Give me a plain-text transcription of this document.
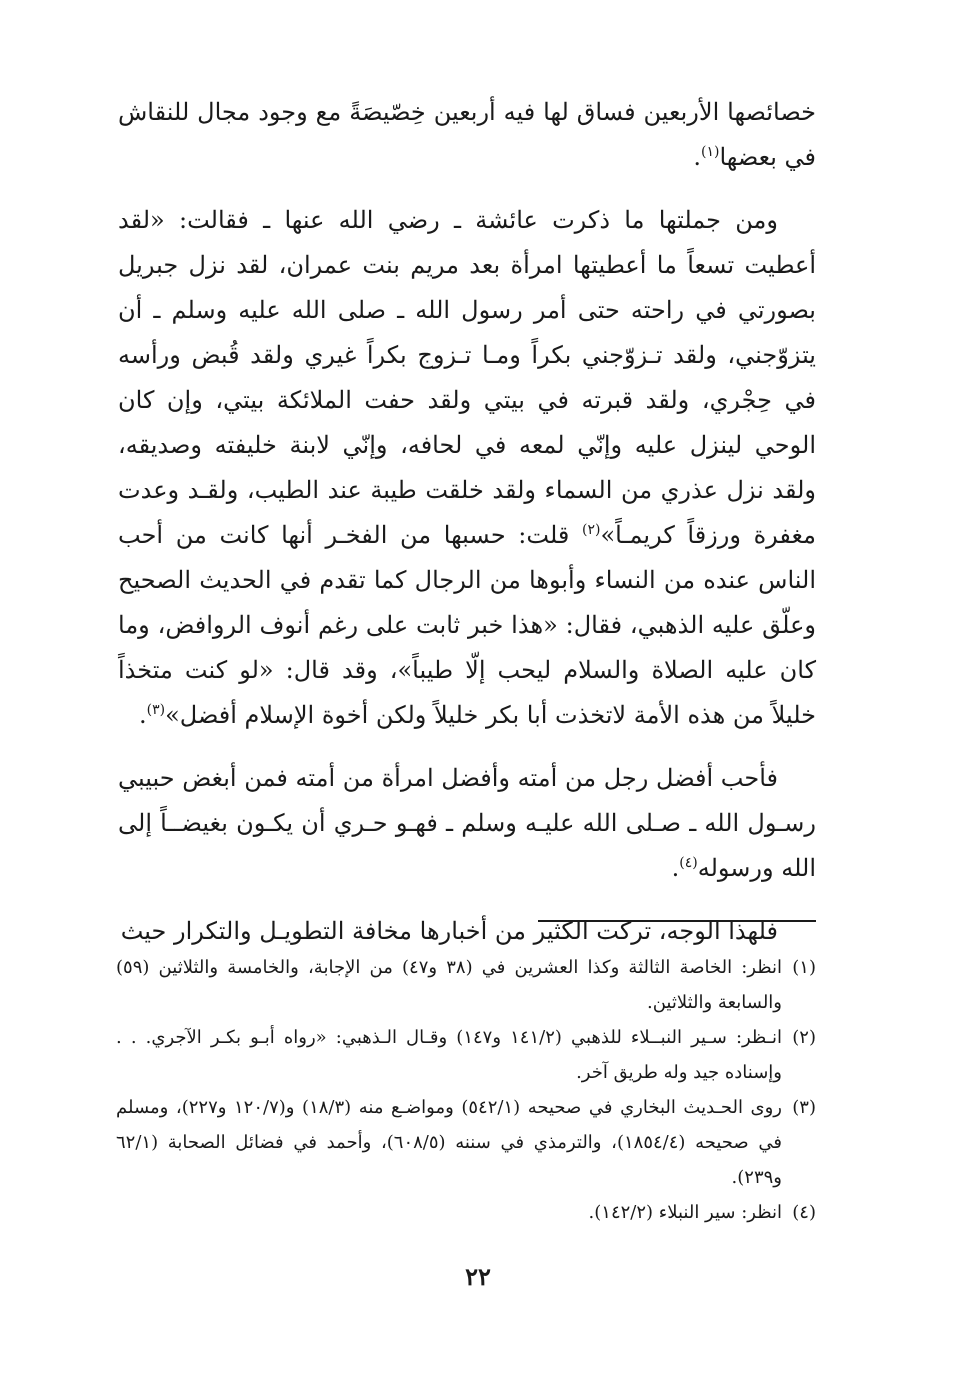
خصائصها الأربعين فساق لها فيه أربعين خِصّيصَةً مع وجود مجال للنقاش في بعضها$^{(١)}$.

ومن جملتها ما ذكرت عائشة ـ رضي الله عنها ـ فقالت: «لقد أعطيت تسعاً ما أعطيتها امرأة بعد مريم بنت عمران، لقد نزل جبريل بصورتي في راحته حتى أمر رسول الله ـ صلى الله عليه وسلم ـ أن يتزوّجني، ولقد تـزوّجني بكراً ومـا تـزوج بكراً غيري ولقد قُبض ورأسه في حِجْري، ولقد قبرته في بيتي ولقد حفت الملائكة بيتي، وإن كان الوحي لينزل عليه وإنّي لمعه في لحافه، وإنّي لابنة خليفته وصديقه، ولقد نزل عذري من السماء ولقد خلقت طيبة عند الطيب، ولقـد وعدت مغفرة ورزقاً كريمـاً»$^{(٢)}$ قلت: حسبها من الفخـر أنها كانت من أحب الناس عنده من النساء وأبوها من الرجال كما تقدم في الحديث الصحيح وعلّق عليه الذهبي، فقال: «هذا خبر ثابت على رغم أنوف الروافض، وما كان عليه الصلاة والسلام ليحب إلّا طيباً»، وقد قال: «لو كنت متخذاً خليلاً من هذه الأمة لاتخذت أبا بكر خليلاً ولكن أخوة الإسلام أفضل»$^{(٣)}$.

فأحب أفضل رجل من أمته وأفضل امرأة من أمته فمن أبغض حبيبي رسـول الله ـ صـلى الله عليـه وسلم ـ فهـو حـري أن يكـون بغيضــاً إلى الله ورسوله$^{(٤)}$.

فلهذا الوجه، تركت الكثير من أخبارها مخافة التطويـل والتكرار حيث

(١)
انظر: الخاصة الثالثة وكذا العشرين في (٣٨ و٤٧) من الإجابة، والخامسة والثلاثين (٥٩) والسابعة والثلاثين.
(٢)
انـظر: سـير النبــلاء للذهبي (١٤١/٢ و١٤٧) وقـال الـذهبي: «رواه أبـو بكـر الآجري. . . وإسناده جيد وله طريق آخر.
(٣)
روى الحـديث البخاري في صحيحه (٥٤٢/١) ومواضـع منه (١٨/٣) و(١٢٠/٧ و٢٢٧)، ومسلم في صحيحه (١٨٥٤/٤)، والترمذي في سننه (٦٠٨/٥)، وأحمد في فضائل الصحابة (٦٢/١ و٢٣٩).
(٤)
انظر: سير النبلاء (١٤٢/٢).
٢٢
